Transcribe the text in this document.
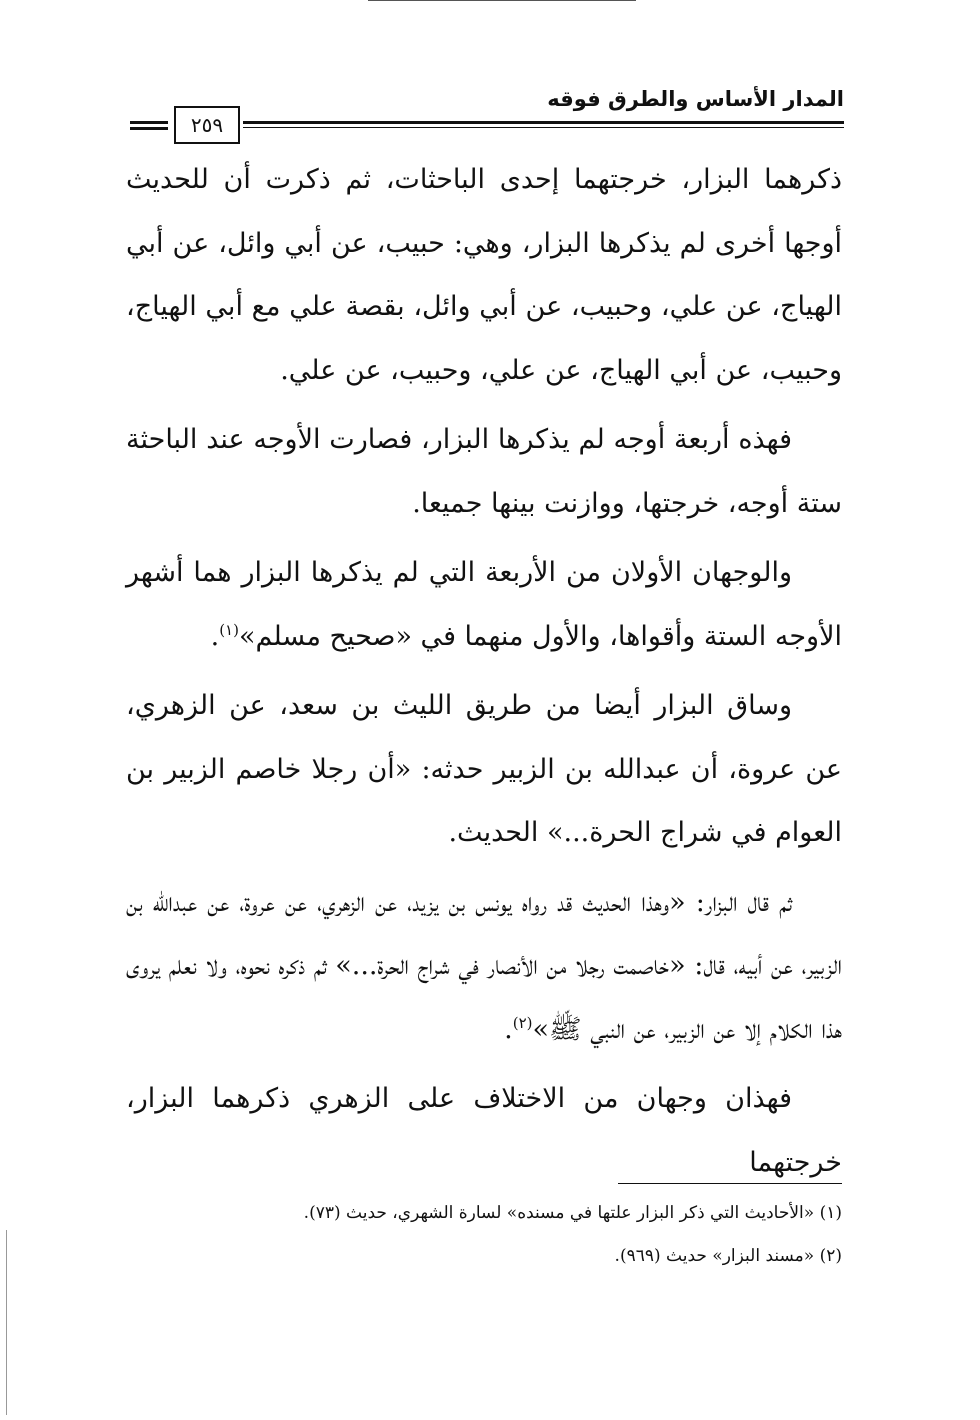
المدار الأساس والطرق فوقه
٢٥٩

ذكرهما البزار، خرجتهما إحدى الباحثات، ثم ذكرت أن للحديث أوجها أخرى لم يذكرها البزار، وهي: حبيب، عن أبي وائل، عن أبي الهياج، عن علي، وحبيب، عن أبي وائل، بقصة علي مع أبي الهياج، وحبيب، عن أبي الهياج، عن علي، وحبيب، عن علي.

فهذه أربعة أوجه لم يذكرها البزار، فصارت الأوجه عند الباحثة ستة أوجه، خرجتها، ووازنت بينها جميعا.

والوجهان الأولان من الأربعة التي لم يذكرها البزار هما أشهر الأوجه الستة وأقواها، والأول منهما في «صحيح مسلم»$^{(١)}$.

وساق البزار أيضا من طريق الليث بن سعد، عن الزهري، عن عروة، أن عبدالله بن الزبير حدثه: «أن رجلا خاصم الزبير بن العوام في شراج الحرة...» الحديث.

ثم قال البزار: «وهذا الحديث قد رواه يونس بن يزيد، عن الزهري، عن عروة، عن عبدالله بن الزبير، عن أبيه، قال: «خاصمت رجلا من الأنصار في شراج الحرة...» ثم ذكره نحوه، ولا نعلم يروى هذا الكلام إلا عن الزبير، عن النبي ﷺ»$^{(٢)}$.

فهذان وجهان من الاختلاف على الزهري ذكرهما البزار، خرجتهما

(١) «الأحاديث التي ذكر البزار علتها في مسنده» لسارة الشهري، حديث (٧٣).

(٢) «مسند البزار» حديث (٩٦٩).
